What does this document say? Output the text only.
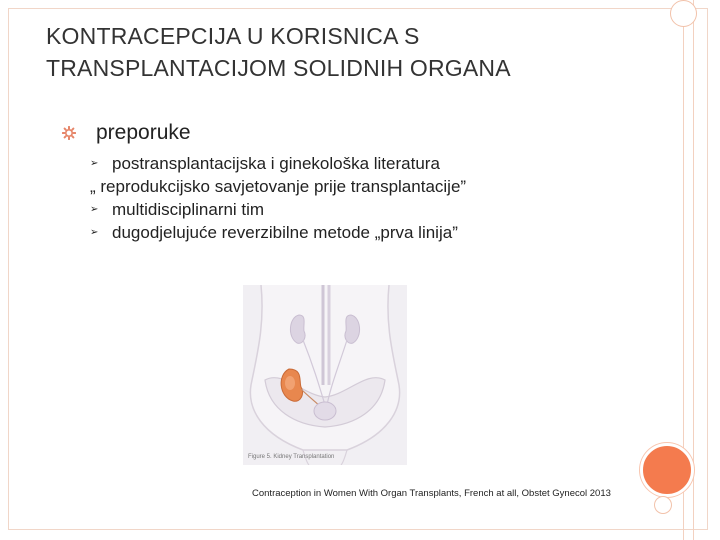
KONTRACEPCIJA U KORISNICA S TRANSPLANTACIJOM SOLIDNIH ORGANA
preporuke
➢ postransplantacijska i ginekološka literatura
„ reprodukcijsko savjetovanje prije transplantacije”
➢ multidisciplinarni tim
➢ dugodjelujuće reverzibilne metode „prva linija”
Figure 5. Kidney Transplantation
Contraception in Women With Organ Transplants, French at all, Obstet Gynecol 2013
